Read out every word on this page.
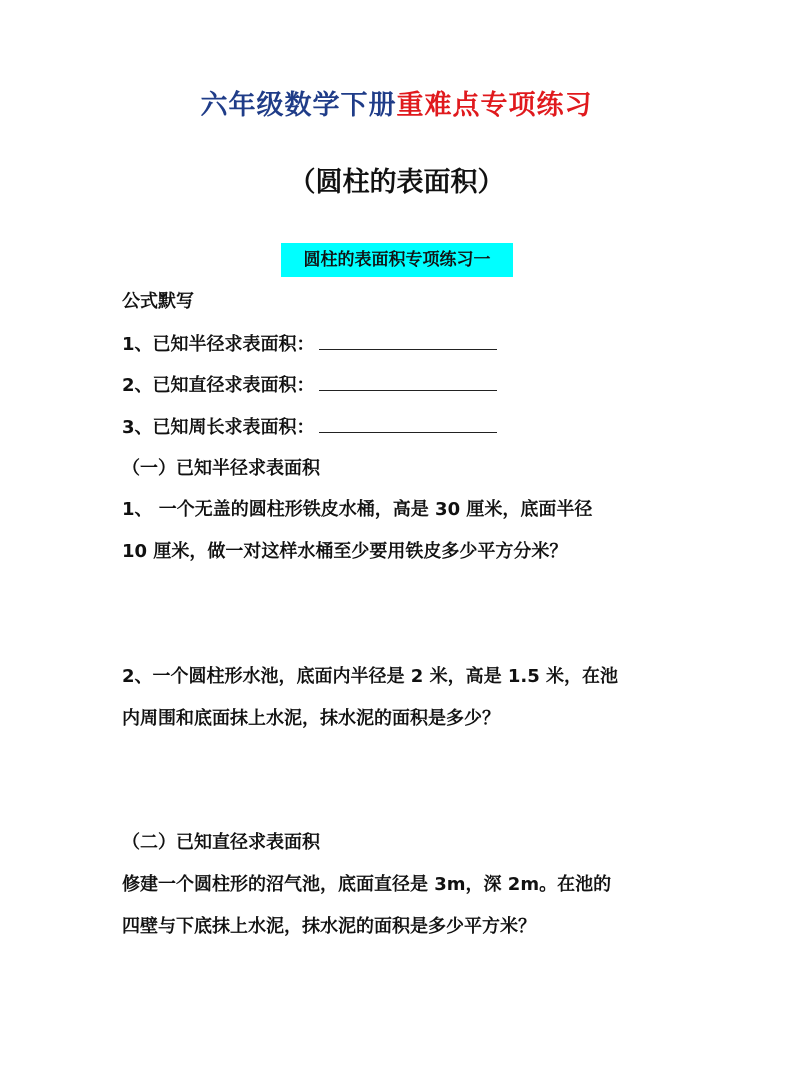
六年级数学下册重难点专项练习
（圆柱的表面积）
圆柱的表面积专项练习一
公式默写
1、已知半径求表面积：
2、已知直径求表面积：
3、已知周长求表面积：
（一）已知半径求表面积
1、 一个无盖的圆柱形铁皮水桶，高是 30 厘米，底面半径
10 厘米，做一对这样水桶至少要用铁皮多少平方分米？
2、一个圆柱形水池，底面内半径是 2 米，高是 1.5 米，在池
内周围和底面抹上水泥，抹水泥的面积是多少？
（二）已知直径求表面积
修建一个圆柱形的沼气池，底面直径是 3m，深 2m。在池的
四壁与下底抹上水泥，抹水泥的面积是多少平方米？
